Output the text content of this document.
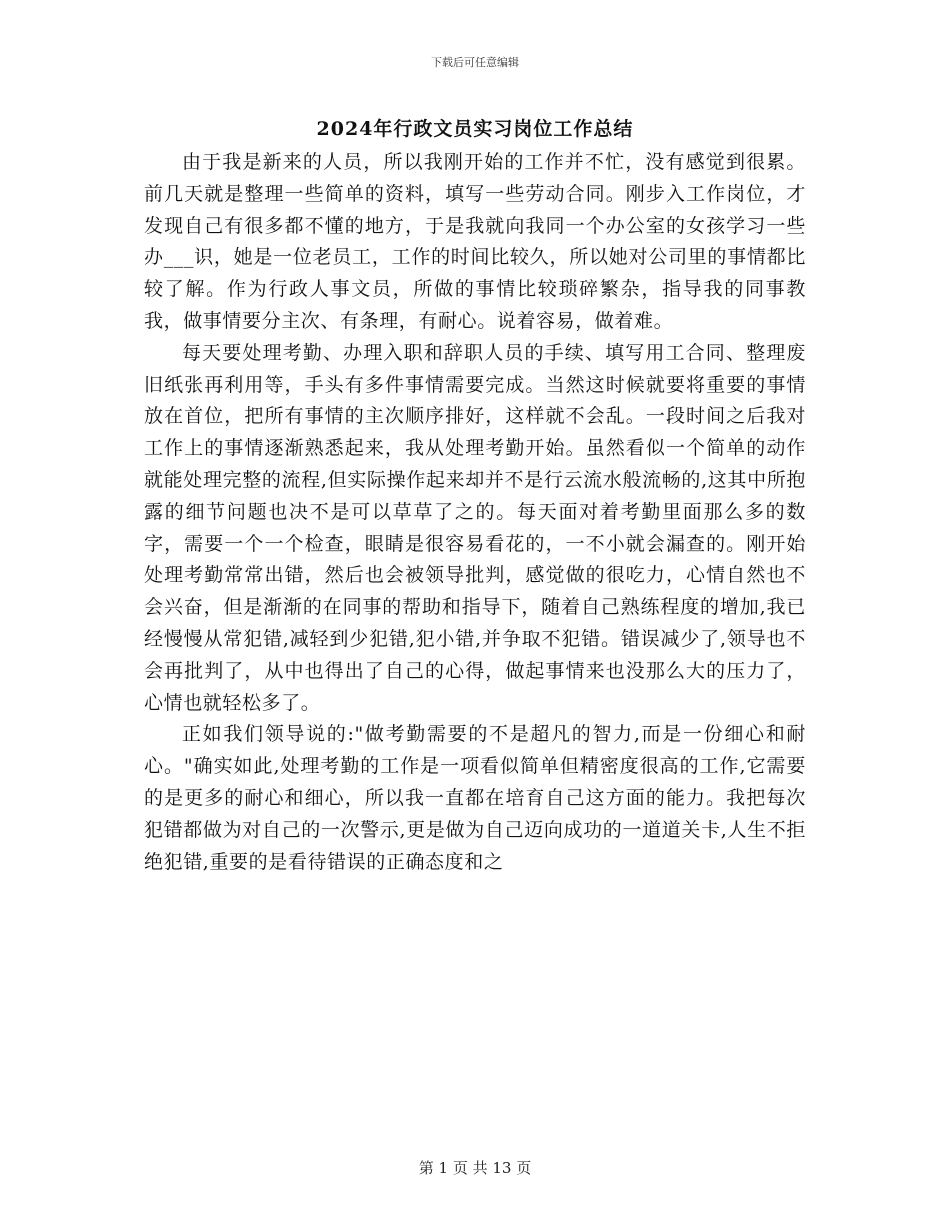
下载后可任意编辑
2024年行政文员实习岗位工作总结

由于我是新来的人员，所以我刚开始的工作并不忙，没有感觉到很累。前几天就是整理一些简单的资料，填写一些劳动合同。刚步入工作岗位，才发现自己有很多都不懂的地方，于是我就向我同一个办公室的女孩学习一些办___识，她是一位老员工，工作的时间比较久，所以她对公司里的事情都比较了解。作为行政人事文员，所做的事情比较琐碎繁杂，指导我的同事教我，做事情要分主次、有条理，有耐心。说着容易，做着难。

每天要处理考勤、办理入职和辞职人员的手续、填写用工合同、整理废旧纸张再利用等，手头有多件事情需要完成。当然这时候就要将重要的事情放在首位，把所有事情的主次顺序排好，这样就不会乱。一段时间之后我对工作上的事情逐渐熟悉起来，我从处理考勤开始。虽然看似一个简单的动作就能处理完整的流程,但实际操作起来却并不是行云流水般流畅的,这其中所抱露的细节问题也决不是可以草草了之的。每天面对着考勤里面那么多的数字，需要一个一个检查，眼睛是很容易看花的，一不小就会漏查的。刚开始处理考勤常常出错，然后也会被领导批判，感觉做的很吃力，心情自然也不会兴奋，但是渐渐的在同事的帮助和指导下，随着自己熟练程度的增加,我已经慢慢从常犯错,减轻到少犯错,犯小错,并争取不犯错。错误减少了,领导也不会再批判了，从中也得出了自己的心得，做起事情来也没那么大的压力了，心情也就轻松多了。

正如我们领导说的:"做考勤需要的不是超凡的智力,而是一份细心和耐心。"确实如此,处理考勤的工作是一项看似简单但精密度很高的工作,它需要的是更多的耐心和细心，所以我一直都在培育自己这方面的能力。我把每次犯错都做为对自己的一次警示,更是做为自己迈向成功的一道道关卡,人生不拒绝犯错,重要的是看待错误的正确态度和之

第 1 页 共 13 页
